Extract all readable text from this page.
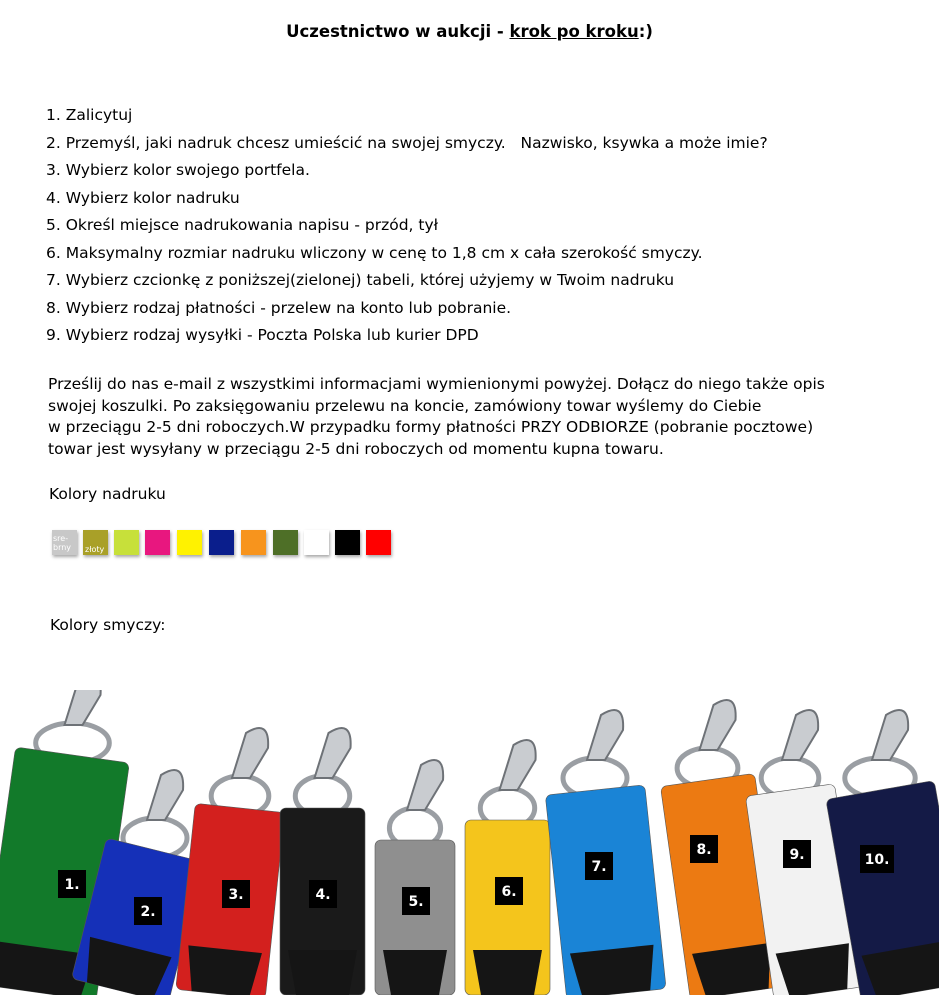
Uczestnictwo w aukcji - krok po kroku:)
1. Zalicytuj
2. Przemyśl, jaki nadruk chcesz umieścić na swojej smyczy.   Nazwisko, ksywka a może imie?
3. Wybierz kolor swojego portfela.
4. Wybierz kolor nadruku
5. Określ miejsce nadrukowania napisu - przód, tył
6. Maksymalny rozmiar nadruku wliczony w cenę to 1,8 cm x cała szerokość smyczy.
7. Wybierz czcionkę z poniższej(zielonej) tabeli, której użyjemy w Twoim nadruku
8. Wybierz rodzaj płatności - przelew na konto lub pobranie.
9. Wybierz rodzaj wysyłki - Poczta Polska lub kurier DPD
Prześlij do nas e-mail z wszystkimi informacjami wymienionymi powyżej. Dołącz do niego także opis
swojej koszulki. Po zaksięgowaniu przelewu na koncie, zamówiony towar wyślemy do Ciebie
w przeciągu 2-5 dni roboczych.W przypadku formy płatności PRZY ODBIORZE (pobranie pocztowe)
towar jest wysyłany w przeciągu 2-5 dni roboczych od momentu kupna towaru.
Kolory nadruku
sre-
brny	złoty
Kolory smyczy:
1.
2.
3.	4.	5.
6.
7.
8.	9.	10.
